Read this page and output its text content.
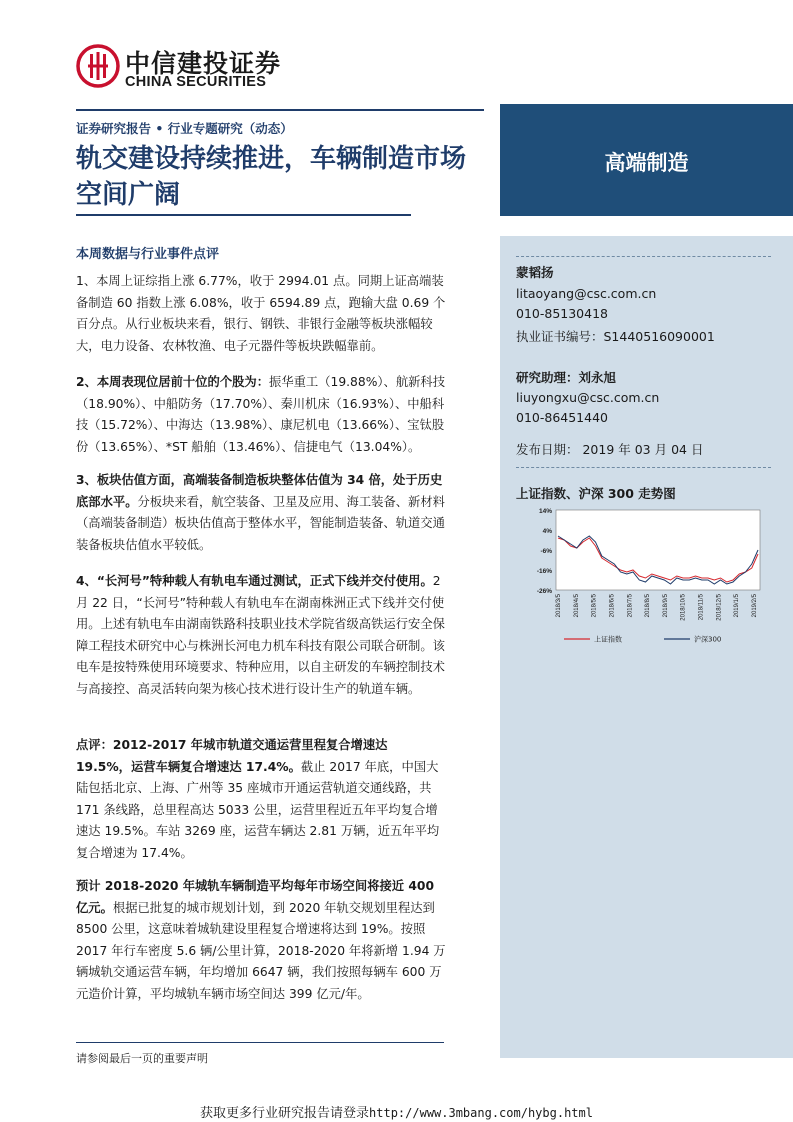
中信建投证券
CHINA SECURITIES
证券研究报告 • 行业专题研究（动态）
轨交建设持续推进，车辆制造市场空间广阔
高端制造
本周数据与行业事件点评
1、本周上证综指上涨 6.77%，收于 2994.01 点。同期上证高端装备制造 60 指数上涨 6.08%，收于 6594.89 点，跑输大盘 0.69 个百分点。从行业板块来看，银行、钢铁、非银行金融等板块涨幅较大，电力设备、农林牧渔、电子元器件等板块跌幅靠前。
2、本周表现位居前十位的个股为：振华重工（19.88%）、航新科技（18.90%）、中船防务（17.70%）、秦川机床（16.93%）、中船科技（15.72%）、中海达（13.98%）、康尼机电（13.66%）、宝钛股份（13.65%）、*ST 船舶（13.46%）、信捷电气（13.04%）。
3、板块估值方面，高端装备制造板块整体估值为 34 倍，处于历史底部水平。分板块来看，航空装备、卫星及应用、海工装备、新材料（高端装备制造）板块估值高于整体水平，智能制造装备、轨道交通装备板块估值水平较低。
4、“长河号”特种载人有轨电车通过测试，正式下线并交付使用。2 月 22 日，“长河号”特种载人有轨电车在湖南株洲正式下线并交付使用。上述有轨电车由湖南铁路科技职业技术学院省级高铁运行安全保障工程技术研究中心与株洲长河电力机车科技有限公司联合研制。该电车是按特殊使用环境要求、特种应用，以自主研发的车辆控制技术与高接控、高灵活转向架为核心技术进行设计生产的轨道车辆。
点评：2012-2017 年城市轨道交通运营里程复合增速达 19.5%，运营车辆复合增速达 17.4%。截止 2017 年底，中国大陆包括北京、上海、广州等 35 座城市开通运营轨道交通线路，共 171 条线路，总里程高达 5033 公里，运营里程近五年平均复合增速达 19.5%。车站 3269 座，运营车辆达 2.81 万辆，近五年平均复合增速为 17.4%。
预计 2018-2020 年城轨车辆制造平均每年市场空间将接近 400 亿元。根据已批复的城市规划计划，到 2020 年轨交规划里程达到 8500 公里，这意味着城轨建设里程复合增速将达到 19%。按照 2017 年行车密度 5.6 辆/公里计算，2018-2020 年将新增 1.94 万辆城轨交通运营车辆，年均增加 6647 辆，我们按照每辆车 600 万元造价计算，平均城轨车辆市场空间达 399 亿元/年。
蒙韬扬
litaoyang@csc.com.cn
010-85130418
执业证书编号：S1440516090001
研究助理：刘永旭
liuyongxu@csc.com.cn
010-86451440
发布日期： 2019 年 03 月 04 日
上证指数、沪深 300 走势图
14%
4%
-6%
-16%
-26%
2018/3/5 2018/4/5 2018/5/5 2018/6/5 2018/7/5 2018/8/5 2018/9/5 2018/10/5 2018/11/5 2018/12/5 2019/1/5 2019/2/5
上证指数	沪深300
请参阅最后一页的重要声明
获取更多行业研究报告请登录http://www.3mbang.com/hybg.html
